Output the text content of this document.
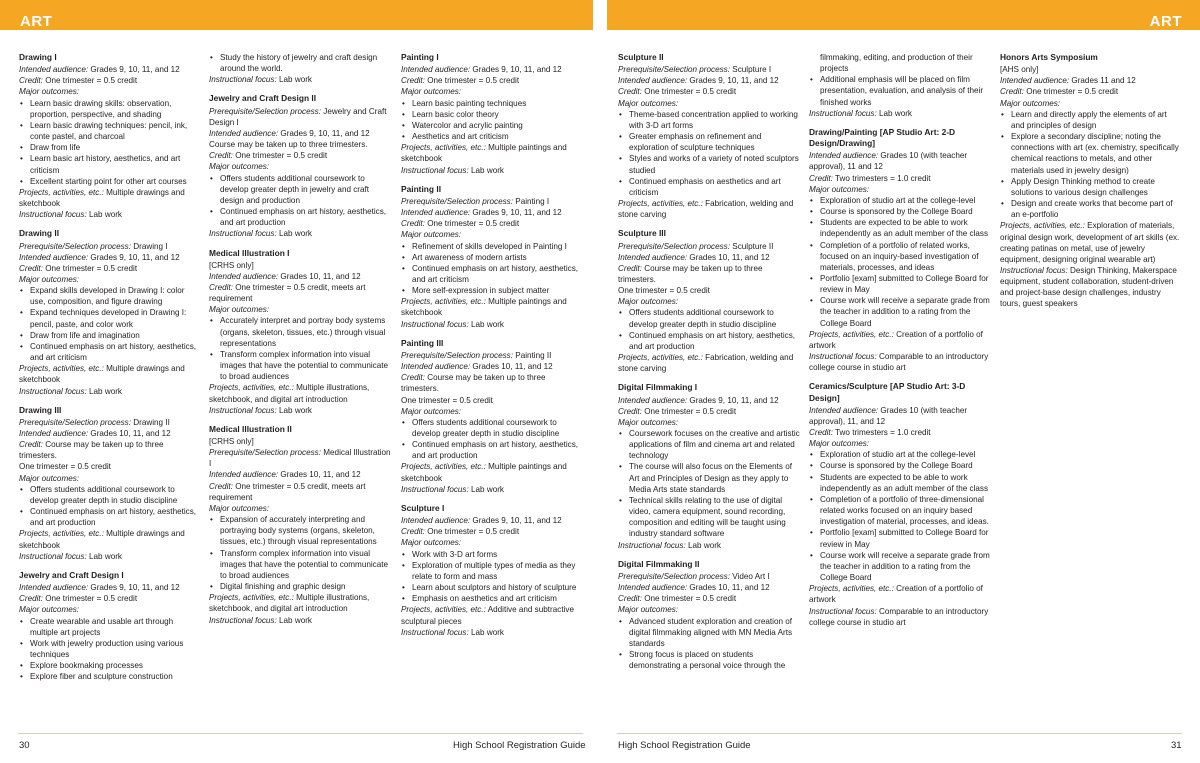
ART	ART
Drawing I
Intended audience: Grades 9, 10, 11, and 12
Credit: One trimester = 0.5 credit
Major outcomes:
• Learn basic drawing skills: observation, proportion, perspective, and shading
• Learn basic drawing techniques: pencil, ink, conte pastel, and charcoal
• Draw from life
• Learn basic art history, aesthetics, and art criticism
• Excellent starting point for other art courses
Projects, activities, etc.: Multiple drawings and sketchbook
Instructional focus: Lab work
Drawing II
Prerequisite/Selection process: Drawing I
Intended audience: Grades 9, 10, 11, and 12
Credit: One trimester = 0.5 credit
Major outcomes:
• Expand skills developed in Drawing I: color use, composition, and figure drawing
• Expand techniques developed in Drawing I: pencil, paste, and color work
• Draw from life and imagination
• Continued emphasis on art history, aesthetics, and art criticism
Projects, activities, etc.: Multiple drawings and sketchbook
Instructional focus: Lab work
Drawing III
Prerequisite/Selection process: Drawing II
Intended audience: Grades 10, 11, and 12
Credit: Course may be taken up to three trimesters.
One trimester = 0.5 credit
Major outcomes:
• Offers students additional coursework to develop greater depth in studio discipline
• Continued emphasis on art history, aesthetics, and art production
Projects, activities, etc.: Multiple drawings and sketchbook
Instructional focus: Lab work
Jewelry and Craft Design I
Intended audience: Grades 9, 10, 11, and 12
Credit: One trimester = 0.5 credit
Major outcomes:
• Create wearable and usable art through multiple art projects
• Work with jewelry production using various techniques
• Explore bookmaking processes
• Explore fiber and sculpture construction
• Study the history of jewelry and craft design around the world.
Instructional focus: Lab work
Jewelry and Craft Design II
Prerequisite/Selection process: Jewelry and Craft Design I
Intended audience: Grades 9, 10, 11, and 12
Course may be taken up to three trimesters.
Credit: One trimester = 0.5 credit
Major outcomes:
• Offers students additional coursework to develop greater depth in jewelry and craft design and production
• Continued emphasis on art history, aesthetics, and art production
Instructional focus: Lab work
Medical Illustration I
[CRHS only]
Intended audience: Grades 10, 11, and 12
Credit: One trimester = 0.5 credit, meets art requirement
Major outcomes:
• Accurately interpret and portray body systems (organs, skeleton, tissues, etc.) through visual representations
• Transform complex information into visual images that have the potential to communicate to broad audiences
Projects, activities, etc.: Multiple illustrations, sketchbook, and digital art introduction
Instructional focus: Lab work
Medical Illustration II
[CRHS only]
Prerequisite/Selection process: Medical Illustration I
Intended audience: Grades 10, 11, and 12
Credit: One trimester = 0.5 credit, meets art requirement
Major outcomes:
• Expansion of accurately interpreting and portraying body systems (organs, skeleton, tissues, etc.) through visual representations
• Transform complex information into visual images that have the potential to communicate to broad audiences
• Digital finishing and graphic design
Projects, activities, etc.: Multiple illustrations, sketchbook, and digital art introduction
Instructional focus: Lab work
Painting I
Intended audience: Grades 9, 10, 11, and 12
Credit: One trimester = 0.5 credit
Major outcomes:
• Learn basic painting techniques
• Learn basic color theory
• Watercolor and acrylic painting
• Aesthetics and art criticism
Projects, activities, etc.: Multiple paintings and sketchbook
Instructional focus: Lab work
Painting II
Prerequisite/Selection process: Painting I
Intended audience: Grades 9, 10, 11, and 12
Credit: One trimester = 0.5 credit
Major outcomes:
• Refinement of skills developed in Painting I
• Art awareness of modern artists
• Continued emphasis on art history, aesthetics, and art criticism
• More self-expression in subject matter
Projects, activities, etc.: Multiple paintings and sketchbook
Instructional focus: Lab work
Painting III
Prerequisite/Selection process: Painting II
Intended audience: Grades 10, 11, and 12
Credit: Course may be taken up to three trimesters.
One trimester = 0.5 credit
Major outcomes:
• Offers students additional coursework to develop greater depth in studio discipline
• Continued emphasis on art history, aesthetics, and art production
Projects, activities, etc.: Multiple paintings and sketchbook
Instructional focus: Lab work
Sculpture I
Intended audience: Grades 9, 10, 11, and 12
Credit: One trimester = 0.5 credit
Major outcomes:
• Work with 3-D art forms
• Exploration of multiple types of media as they relate to form and mass
• Learn about sculptors and history of sculpture
• Emphasis on aesthetics and art criticism
Projects, activities, etc.: Additive and subtractive sculptural pieces
Instructional focus: Lab work
Sculpture II
Prerequisite/Selection process: Sculpture I
Intended audience: Grades 9, 10, 11, and 12
Credit: One trimester = 0.5 credit
Major outcomes:
• Theme-based concentration applied to working with 3-D art forms
• Greater emphasis on refinement and exploration of sculpture techniques
• Styles and works of a variety of noted sculptors studied
• Continued emphasis on aesthetics and art criticism
Projects, activities, etc.: Fabrication, welding and stone carving
Sculpture III
Prerequisite/Selection process: Sculpture II
Intended audience: Grades 10, 11, and 12
Credit: Course may be taken up to three trimesters.
One trimester = 0.5 credit
Major outcomes:
• Offers students additional coursework to develop greater depth in studio discipline
• Continued emphasis on art history, aesthetics, and art production
Projects, activities, etc.: Fabrication, welding and stone carving
Digital Filmmaking I
Intended audience: Grades 9, 10, 11, and 12
Credit: One trimester = 0.5 credit
Major outcomes:
• Coursework focuses on the creative and artistic applications of film and cinema art and related technology
• The course will also focus on the Elements of Art and Principles of Design as they apply to Media Arts state standards
• Technical skills relating to the use of digital video, camera equipment, sound recording, composition and editing will be taught using industry standard software
Instructional focus: Lab work
Digital Filmmaking II
Prerequisite/Selection process: Video Art I
Intended audience: Grades 10, 11, and 12
Credit: One trimester = 0.5 credit
Major outcomes:
• Advanced student exploration and creation of digital filmmaking aligned with MN Media Arts standards
• Strong focus is placed on students demonstrating a personal voice through the
filmmaking, editing, and production of their projects
• Additional emphasis will be placed on film presentation, evaluation, and analysis of their finished works
Instructional focus: Lab work
Drawing/Painting [AP Studio Art: 2-D Design/Drawing]
Intended audience: Grades 10 (with teacher approval), 11 and 12
Credit: Two trimesters = 1.0 credit
Major outcomes:
• Exploration of studio art at the college-level
• Course is sponsored by the College Board
• Students are expected to be able to work independently as an adult member of the class
• Completion of a portfolio of related works, focused on an inquiry-based investigation of materials, processes, and ideas
• Portfolio [exam] submitted to College Board for review in May
• Course work will receive a separate grade from the teacher in addition to a rating from the College Board
Projects, activities, etc.: Creation of a portfolio of artwork
Instructional focus: Comparable to an introductory college course in studio art
Ceramics/Sculpture [AP Studio Art: 3-D Design]
Intended audience: Grades 10 (with teacher approval), 11, and 12
Credit: Two trimesters = 1.0 credit
Major outcomes:
• Exploration of studio art at the college-level
• Course is sponsored by the College Board
• Students are expected to be able to work independently as an adult member of the class
• Completion of a portfolio of three-dimensional related works focused on an inquiry based investigation of material, processes, and ideas.
• Portfolio [exam] submitted to College Board for review in May
• Course work will receive a separate grade from the teacher in addition to a rating from the College Board
Projects, activities, etc.: Creation of a portfolio of artwork
Instructional focus: Comparable to an introductory college course in studio art
Honors Arts Symposium
[AHS only]
Intended audience: Grades 11 and 12
Credit: One trimester = 0.5 credit
Major outcomes:
• Learn and directly apply the elements of art and principles of design
• Explore a secondary discipline; noting the connections with art (ex. chemistry, specifically chemical reactions to metals, and other materials used in jewelry design)
• Apply Design Thinking method to create solutions to various design challenges
• Design and create works that become part of an e-portfolio
Projects, activities, etc.: Exploration of materials, original design work, development of art skills (ex. creating patinas on metal, use of jewelry equipment, designing original wearable art)
Instructional focus: Design Thinking, Makerspace equipment, student collaboration, student-driven and project-base design challenges, industry tours, guest speakers
30	High School Registration Guide	High School Registration Guide	31
